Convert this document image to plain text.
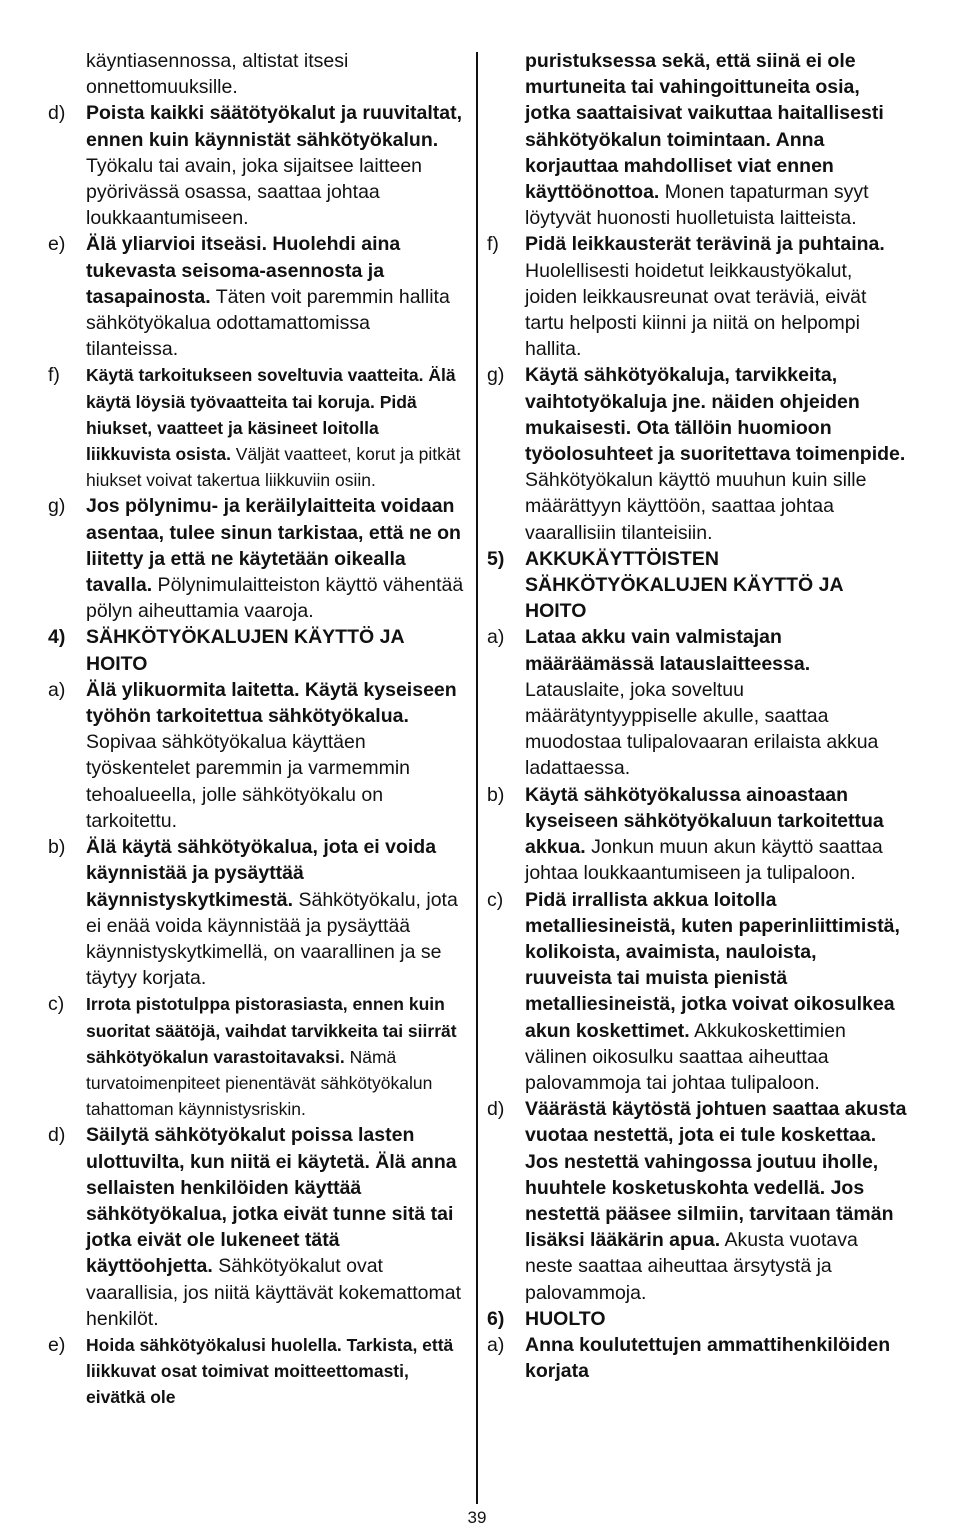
käyntiasennossa, altistat itsesi onnettomuuksille.
d)	Poista kaikki säätötyökalut ja ruuvitaltat, ennen kuin käynnistät sähkötyökalun. Työkalu tai avain, joka sijaitsee laitteen pyörivässä osassa, saattaa johtaa loukkaantumiseen.
e)	Älä yliarvioi itseäsi. Huolehdi aina tukevasta seisoma-asennosta ja tasapainosta. Täten voit paremmin hallita sähkötyökalua odottamattomissa tilanteissa.
f)	Käytä tarkoitukseen soveltuvia vaatteita. Älä käytä löysiä työvaatteita tai koruja. Pidä hiukset, vaatteet ja käsineet loitolla liikkuvista osista. Väljät vaatteet, korut ja pitkät hiukset voivat takertua liikkuviin osiin.
g)	Jos pölynimu- ja keräilylaitteita voidaan asentaa, tulee sinun tarkistaa, että ne on liitetty ja että ne käytetään oikealla tavalla. Pölynimulaitteiston käyttö vähentää pölyn aiheuttamia vaaroja.
4)	SÄHKÖTYÖKALUJEN KÄYTTÖ JA HOITO
a)	Älä ylikuormita laitetta. Käytä kyseiseen työhön tarkoitettua sähkötyökalua. Sopivaa sähkötyökalua käyttäen työskentelet paremmin ja varmemmin tehoalueella, jolle sähkötyökalu on tarkoitettu.
b)	Älä käytä sähkötyökalua, jota ei voida käynnistää ja pysäyttää käynnistyskytkimestä. Sähkötyökalu, jota ei enää voida käynnistää ja pysäyttää käynnistyskytkimellä, on vaarallinen ja se täytyy korjata.
c)	Irrota pistotulppa pistorasiasta, ennen kuin suoritat säätöjä, vaihdat tarvikkeita tai siirrät sähkötyökalun varastoitavaksi. Nämä turvatoimenpiteet pienentävät sähkötyökalun tahattoman käynnistysriskin.
d)	Säilytä sähkötyökalut poissa lasten ulottuvilta, kun niitä ei käytetä. Älä anna sellaisten henkilöiden käyttää sähkötyökalua, jotka eivät tunne sitä tai jotka eivät ole lukeneet tätä käyttöohjetta. Sähkötyökalut ovat vaarallisia, jos niitä käyttävät kokemattomat henkilöt.
e)	Hoida sähkötyökalusi huolella. Tarkista, että liikkuvat osat toimivat moitteettomasti, eivätkä ole
puristuksessa sekä, että siinä ei ole murtuneita tai vahingoittuneita osia, jotka saattaisivat vaikuttaa haitallisesti sähkötyökalun toimintaan. Anna korjauttaa mahdolliset viat ennen käyttöönottoa. Monen tapaturman syyt löytyvät huonosti huolletuista laitteista.
f)	Pidä leikkausterät terävinä ja puhtaina. Huolellisesti hoidetut leikkaustyökalut, joiden leikkausreunat ovat teräviä, eivät tartu helposti kiinni ja niitä on helpompi hallita.
g)	Käytä sähkötyökaluja, tarvikkeita, vaihtotyökaluja jne. näiden ohjeiden mukaisesti. Ota tällöin huomioon työolosuhteet ja suoritettava toimenpide. Sähkötyökalun käyttö muuhun kuin sille määrättyyn käyttöön, saattaa johtaa vaarallisiin tilanteisiin.
5)	AKKUKÄYTTÖISTEN SÄHKÖTYÖKALUJEN KÄYTTÖ JA HOITO
a)	Lataa akku vain valmistajan määräämässä latauslaitteessa. Latauslaite, joka soveltuu määrätyntyyppiselle akulle, saattaa muodostaa tulipalovaaran erilaista akkua ladattaessa.
b)	Käytä sähkötyökalussa ainoastaan kyseiseen sähkötyökaluun tarkoitettua akkua. Jonkun muun akun käyttö saattaa johtaa loukkaantumiseen ja tulipaloon.
c)	Pidä irrallista akkua loitolla metalliesineistä, kuten paperinliittimistä, kolikoista, avaimista, nauloista, ruuveista tai muista pienistä metalliesineistä, jotka voivat oikosulkea akun koskettimet. Akkukoskettimien välinen oikosulku saattaa aiheuttaa palovammoja tai johtaa tulipaloon.
d)	Väärästä käytöstä johtuen saattaa akusta vuotaa nestettä, jota ei tule koskettaa. Jos nestettä vahingossa joutuu iholle, huuhtele kosketuskohta vedellä. Jos nestettä pääsee silmiin, tarvitaan tämän lisäksi lääkärin apua. Akusta vuotava neste saattaa aiheuttaa ärsytystä ja palovammoja.
6)	HUOLTO
a)	Anna koulutettujen ammattihenkilöiden korjata
39
